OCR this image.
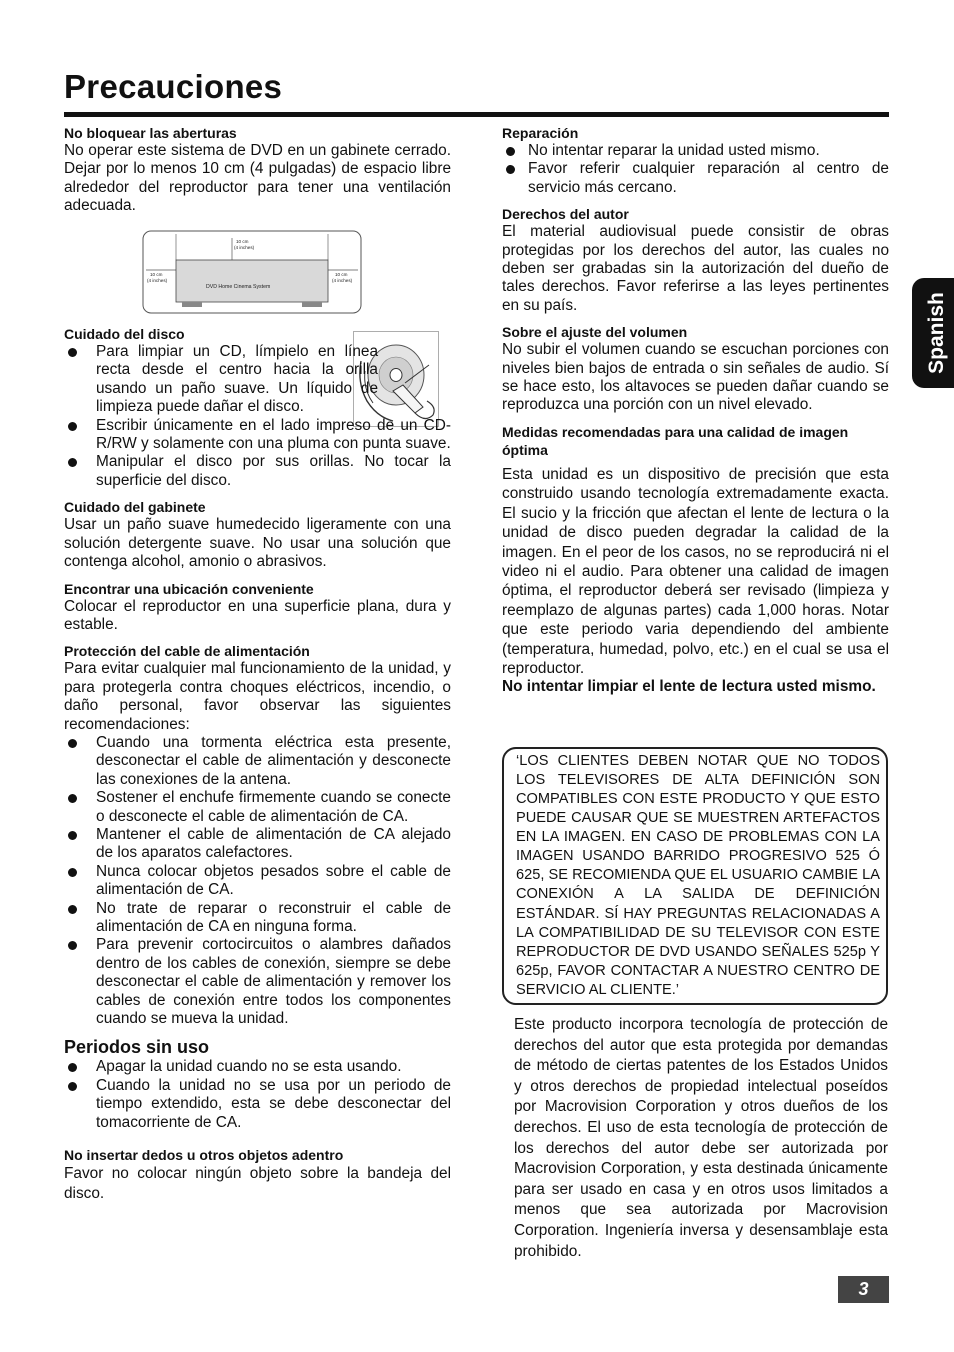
Precauciones

No bloquear las aberturas

No operar este sistema de DVD en un gabinete cerrado. Dejar por lo menos 10 cm (4 pulgadas) de espacio libre alrededor del reproductor para tener una ventilación adecuada.

10 cm
(4 inches)
10 cm
(4 inches)
10 cm
(4 inches)
DVD Home Cinema System

Cuidado del disco

Para limpiar un CD, límpielo en línea recta desde el centro hacia la orilla usando un paño suave. Un líquido de limpieza puede dañar el disco.
Escribir únicamente en el lado impreso de un CD-R/RW y solamente con una pluma con punta suave.
Manipular el disco por sus orillas. No tocar la superficie del disco.

Cuidado del gabinete

Usar un paño suave humedecido ligeramente con una solución detergente suave. No usar una solución que contenga alcohol, amonio o abrasivos.

Encontrar una ubicación conveniente

Colocar el reproductor en una superficie plana, dura y estable.

Protección del cable de alimentación

Para evitar cualquier mal funcionamiento de la unidad, y para protegerla contra choques eléctricos, incendio, o daño personal, favor observar las siguientes recomendaciones:

Cuando una tormenta eléctrica esta presente, desconectar el cable de alimentación y desconecte las conexiones de la antena.
Sostener el enchufe firmemente cuando se conecte o desconecte el cable de alimentación de CA.
Mantener el cable de alimentación de CA alejado de los aparatos calefactores.
Nunca colocar objetos pesados sobre el cable de alimentación de CA.
No trate de reparar o reconstruir el cable de alimentación de CA en ninguna forma.
Para prevenir cortocircuitos o alambres dañados dentro de los cables de conexión, siempre se debe desconectar el cable de alimentación y remover los cables de conexión entre todos los componentes cuando se mueva la unidad.

Periodos sin uso

Apagar la unidad cuando no se esta usando.
Cuando la unidad no se usa por un periodo de tiempo extendido, esta se debe desconectar del tomacorriente de CA.

No insertar dedos u otros objetos adentro

Favor no colocar ningún objeto sobre la bandeja del disco.

Reparación

No intentar reparar la unidad usted mismo.
Favor referir cualquier reparación al centro de servicio más cercano.

Derechos del autor

El material audiovisual puede consistir de obras protegidas por los derechos del autor, las cuales no deben ser grabadas sin la autorización del dueño de tales derechos. Favor referirse a las leyes pertinentes en su país.

Sobre el ajuste del volumen

No subir el volumen cuando se escuchan porciones con niveles bien bajos de entrada o sin señales de audio. Sí se hace esto, los altavoces se pueden dañar cuando se reproduzca una porción con un nivel elevado.

Medidas recomendadas para una calidad de imagen óptima

Esta unidad es un dispositivo de precisión que esta construido usando tecnología extremadamente exacta. El sucio y la fricción que afectan el lente de lectura o la unidad de disco pueden degradar la calidad de la imagen. En el peor de los casos, no se reproducirá ni el video ni el audio. Para obtener una calidad de imagen óptima, el reproductor deberá ser revisado (limpieza y reemplazo de algunas partes) cada 1,000 horas. Notar que este periodo varia dependiendo del ambiente (temperatura, humedad, polvo, etc.) en el cual se usa el reproductor.

No intentar limpiar el lente de lectura usted mismo.

‘LOS CLIENTES DEBEN NOTAR QUE NO TODOS LOS TELEVISORES DE ALTA DEFINICIÓN SON COMPATIBLES CON ESTE PRODUCTO Y QUE ESTO PUEDE CAUSAR QUE SE MUESTREN ARTEFACTOS EN LA IMAGEN. EN CASO DE PROBLEMAS CON LA IMAGEN USANDO BARRIDO PROGRESIVO 525 Ó 625, SE RECOMIENDA QUE EL USUARIO CAMBIE LA CONEXIÓN A LA SALIDA DE DEFINICIÓN ESTÁNDAR. SÍ HAY PREGUNTAS RELACIONADAS A LA COMPATIBILIDAD DE SU TELEVISOR CON ESTE REPRODUCTOR DE DVD USANDO SEÑALES 525p Y 625p, FAVOR CONTACTAR A NUESTRO CENTRO DE SERVICIO AL CLIENTE.’

Este producto incorpora tecnología de protección de derechos del autor que esta protegida por demandas de método de ciertas patentes de los Estados Unidos y otros derechos de propiedad intelectual poseídos por Macrovision Corporation y otros dueños de los derechos. El uso de esta tecnología de protección de los derechos del autor debe ser autorizada por Macrovision Corporation, y esta destinada únicamente para ser usado en casa y en otros usos limitados a menos que sea autorizada por Macrovision Corporation. Ingeniería inversa y desensamblaje esta prohibido.

Spanish
3
